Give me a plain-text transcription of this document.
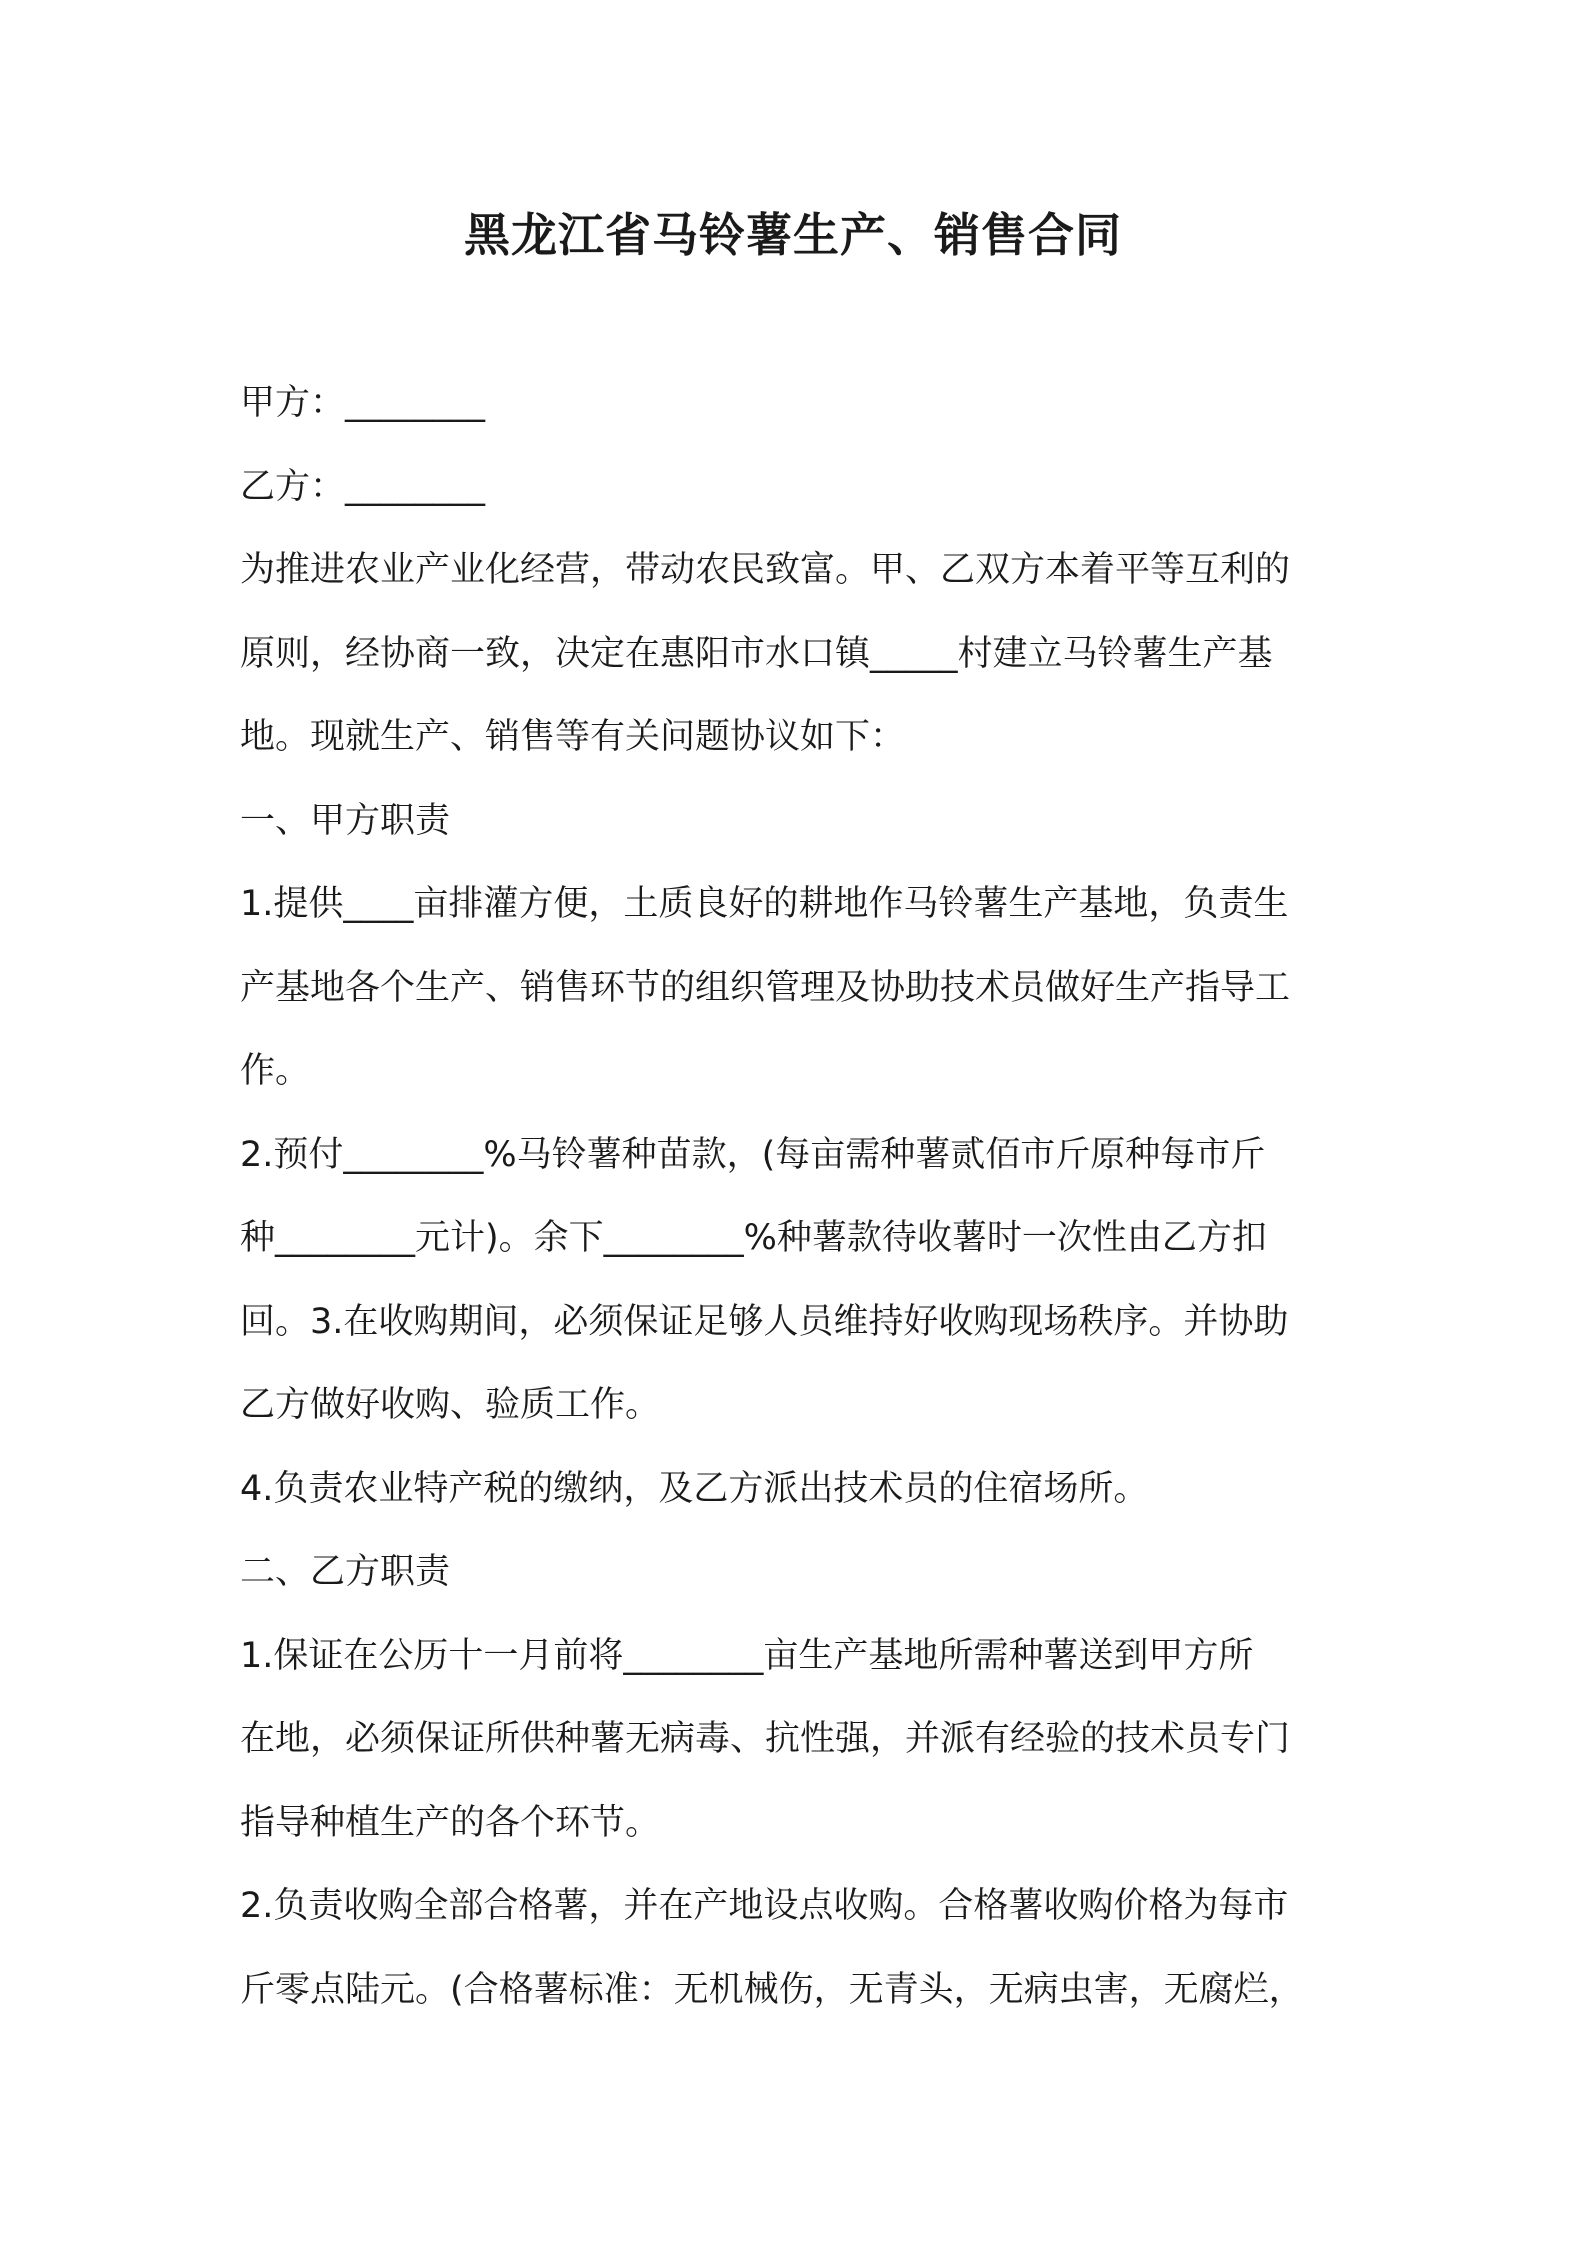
黑龙江省马铃薯生产、销售合同
甲方：________
乙方：________
为推进农业产业化经营，带动农民致富。甲、乙双方本着平等互利的
原则，经协商一致，决定在惠阳市水口镇_____村建立马铃薯生产基
地。现就生产、销售等有关问题协议如下：
一、甲方职责
1.提供____亩排灌方便，土质良好的耕地作马铃薯生产基地，负责生
产基地各个生产、销售环节的组织管理及协助技术员做好生产指导工
作。
2.预付________%马铃薯种苗款，(每亩需种薯贰佰市斤原种每市斤
种________元计)。余下________%种薯款待收薯时一次性由乙方扣
回。3.在收购期间，必须保证足够人员维持好收购现场秩序。并协助
乙方做好收购、验质工作。
4.负责农业特产税的缴纳，及乙方派出技术员的住宿场所。
二、乙方职责
1.保证在公历十一月前将________亩生产基地所需种薯送到甲方所
在地，必须保证所供种薯无病毒、抗性强，并派有经验的技术员专门
指导种植生产的各个环节。
2.负责收购全部合格薯，并在产地设点收购。合格薯收购价格为每市
斤零点陆元。(合格薯标准：无机械伤，无青头，无病虫害，无腐烂，
